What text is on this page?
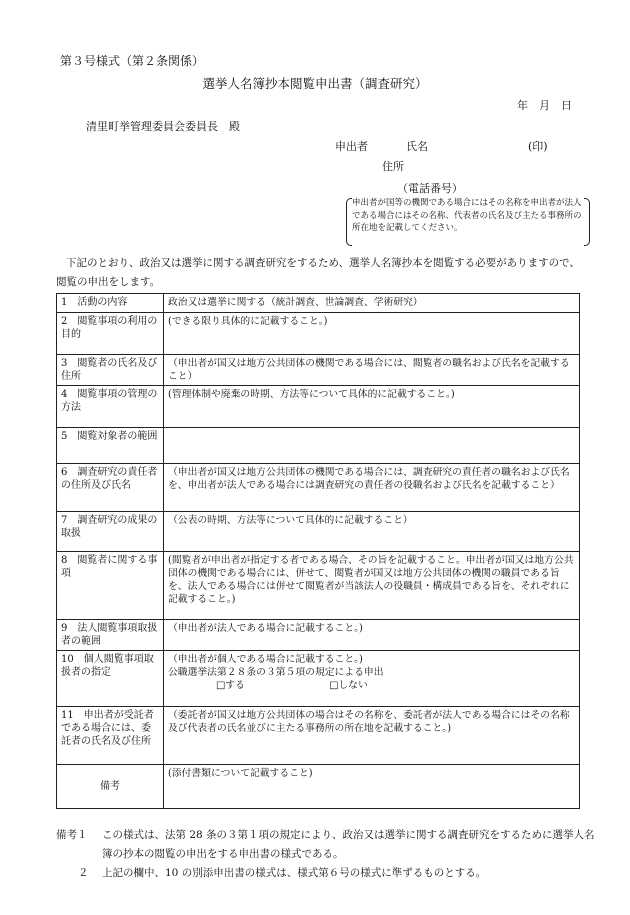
第３号様式（第２条関係）
選挙人名簿抄本閲覧申出書（調査研究）
年　月　日
清里町挙管理委員会委員長　殿
申出者	氏名	(印)
住所
（電話番号）
申出者が国等の機関である場合にはその名称を申出者が法人である場合にはその名称、代表者の氏名及び主たる事務所の所在地を記載してください。
下記のとおり、政治又は選挙に関する調査研究をするため、選挙人名簿抄本を閲覧する必要がありますので、閲覧の申出をします。
1　活動の内容	政治又は選挙に関する（統計調査、世論調査、学術研究）
2　閲覧事項の利用の目的	(できる限り具体的に記載すること。)
3　閲覧者の氏名及び住所	（申出者が国又は地方公共団体の機関である場合には、閲覧者の職名および氏名を記載すること）
4　閲覧事項の管理の方法	(管理体制や廃棄の時期、方法等について具体的に記載すること。)
5　閲覧対象者の範囲	
6　調査研究の責任者の住所及び氏名	（申出者が国又は地方公共団体の機関である場合には、調査研究の責任者の職名および氏名を、申出者が法人である場合には調査研究の責任者の役職名および氏名を記載すること）
7　調査研究の成果の取扱	（公表の時期、方法等について具体的に記載すること）
8　閲覧者に関する事項	(閲覧者が申出者が指定する者である場合、その旨を記載すること。申出者が国又は地方公共団体の機関である場合には、併せて、閲覧者が国又は地方公共団体の機関の職員である旨を、法人である場合には併せて閲覧者が当該法人の役職員・構成員である旨を、それぞれに記載すること。)
9　法人閲覧事項取扱者の範囲	（申出者が法人である場合に記載すること。)
10　個人閲覧事項取扱者の指定	（申出者が個人である場合に記載すること。)
公職選挙法第２８条の３第５項の規定による申出
□する □しない

11　申出者が受託者である場合には、委託者の氏名及び住所	（委託者が国又は地方公共団体の場合はその名称を、委託者が法人である場合にはその名称及び代表者の氏名並びに主たる事務所の所在地を記載すること。)
備考	(添付書類について記載すること)
備考１ この様式は、法第 28 条の３第１項の規定により、政治又は選挙に関する調査研究をするために選挙人名簿の抄本の閲覧の申出をする申出書の様式である。
２ 上記の欄中、10 の別添申出書の様式は、様式第６号の様式に準ずるものとする。
